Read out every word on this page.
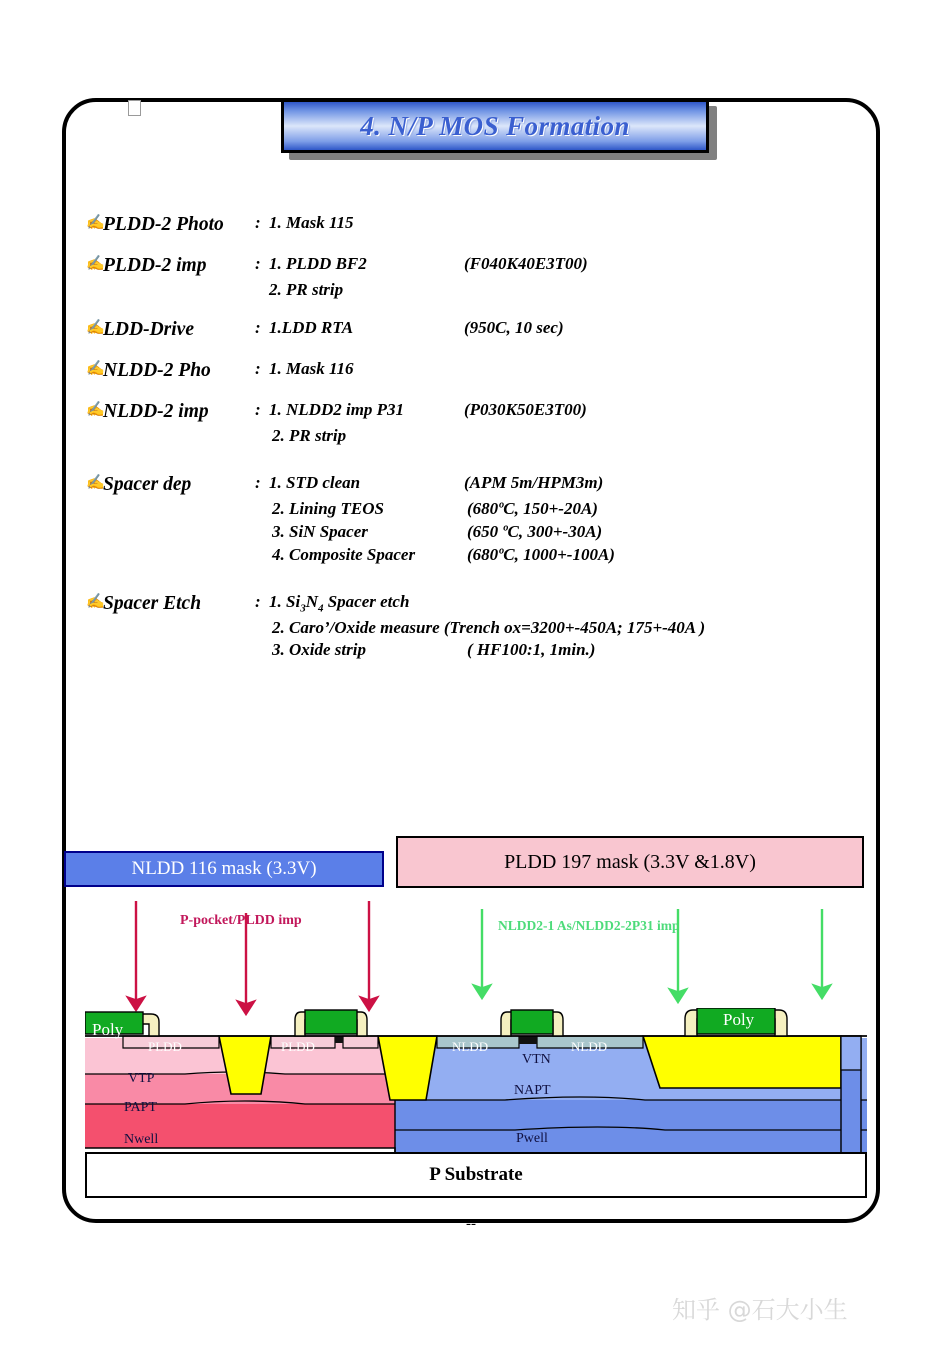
4. N/P MOS Formation
✍
PLDD-2 Photo	: 1. Mask 115
✍
PLDD-2 imp	: 1. PLDD BF2	(F040K40E3T00)
2. PR strip
✍
LDD-Drive	: 1.LDD RTA	(950C, 10 sec)
✍
NLDD-2 Pho	: 1. Mask 116
✍
NLDD-2 imp	: 1. NLDD2 imp P31	(P030K50E3T00)
2. PR strip
✍
Spacer dep	: 1. STD clean	(APM 5m/HPM3m)
2. Lining TEOS	(680ºC, 150+-20A)
3. SiN Spacer	(650 ºC, 300+-30A)
4. Composite Spacer	(680ºC, 1000+-100A)
✍
Spacer Etch	: 1. $Si_3N_4$ Spacer etch
2. Caro’/Oxide measure (Trench ox=3200+-450A; 175+-40A )
3. Oxide strip	( HF100:1, 1min.)
NLDD 116 mask (3.3V)	PLDD 197 mask (3.3V &1.8V)
P-pocket/PLDD imp	NLDD2-1 As/NLDD2-2P31 imp
Poly
Poly
PLDD	PLDD	NLDD	NLDD
VTP
PAPT
Nwell
VTN
NAPT
Pwell
P Substrate
--
知乎 @石大小生
